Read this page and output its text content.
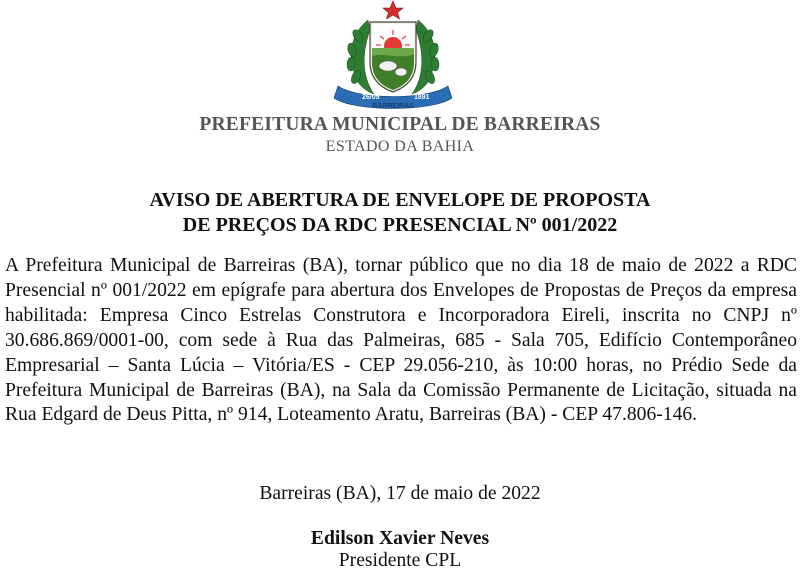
26/05	1891
BARREIRAS
PREFEITURA MUNICIPAL DE BARREIRAS
ESTADO DA BAHIA
AVISO DE ABERTURA DE ENVELOPE DE PROPOSTA
DE PREÇOS DA RDC PRESENCIAL Nº 001/2022
A Prefeitura Municipal de Barreiras (BA), tornar público que no dia 18 de maio de 2022 a RDC Presencial nº 001/2022 em epígrafe para abertura dos Envelopes de Propostas de Preços da empresa habilitada: Empresa Cinco Estrelas Construtora e Incorporadora Eireli, inscrita no CNPJ nº 30.686.869/0001-00, com sede à Rua das Palmeiras, 685 - Sala 705, Edifício Contemporâneo Empresarial – Santa Lúcia – Vitória/ES - CEP 29.056-210, às 10:00 horas, no Prédio Sede da Prefeitura Municipal de Barreiras (BA), na Sala da Comissão Permanente de Licitação, situada na Rua Edgard de Deus Pitta, nº 914, Loteamento Aratu, Barreiras (BA) - CEP 47.806-146.
Barreiras (BA), 17 de maio de 2022
Edilson Xavier Neves
Presidente CPL
